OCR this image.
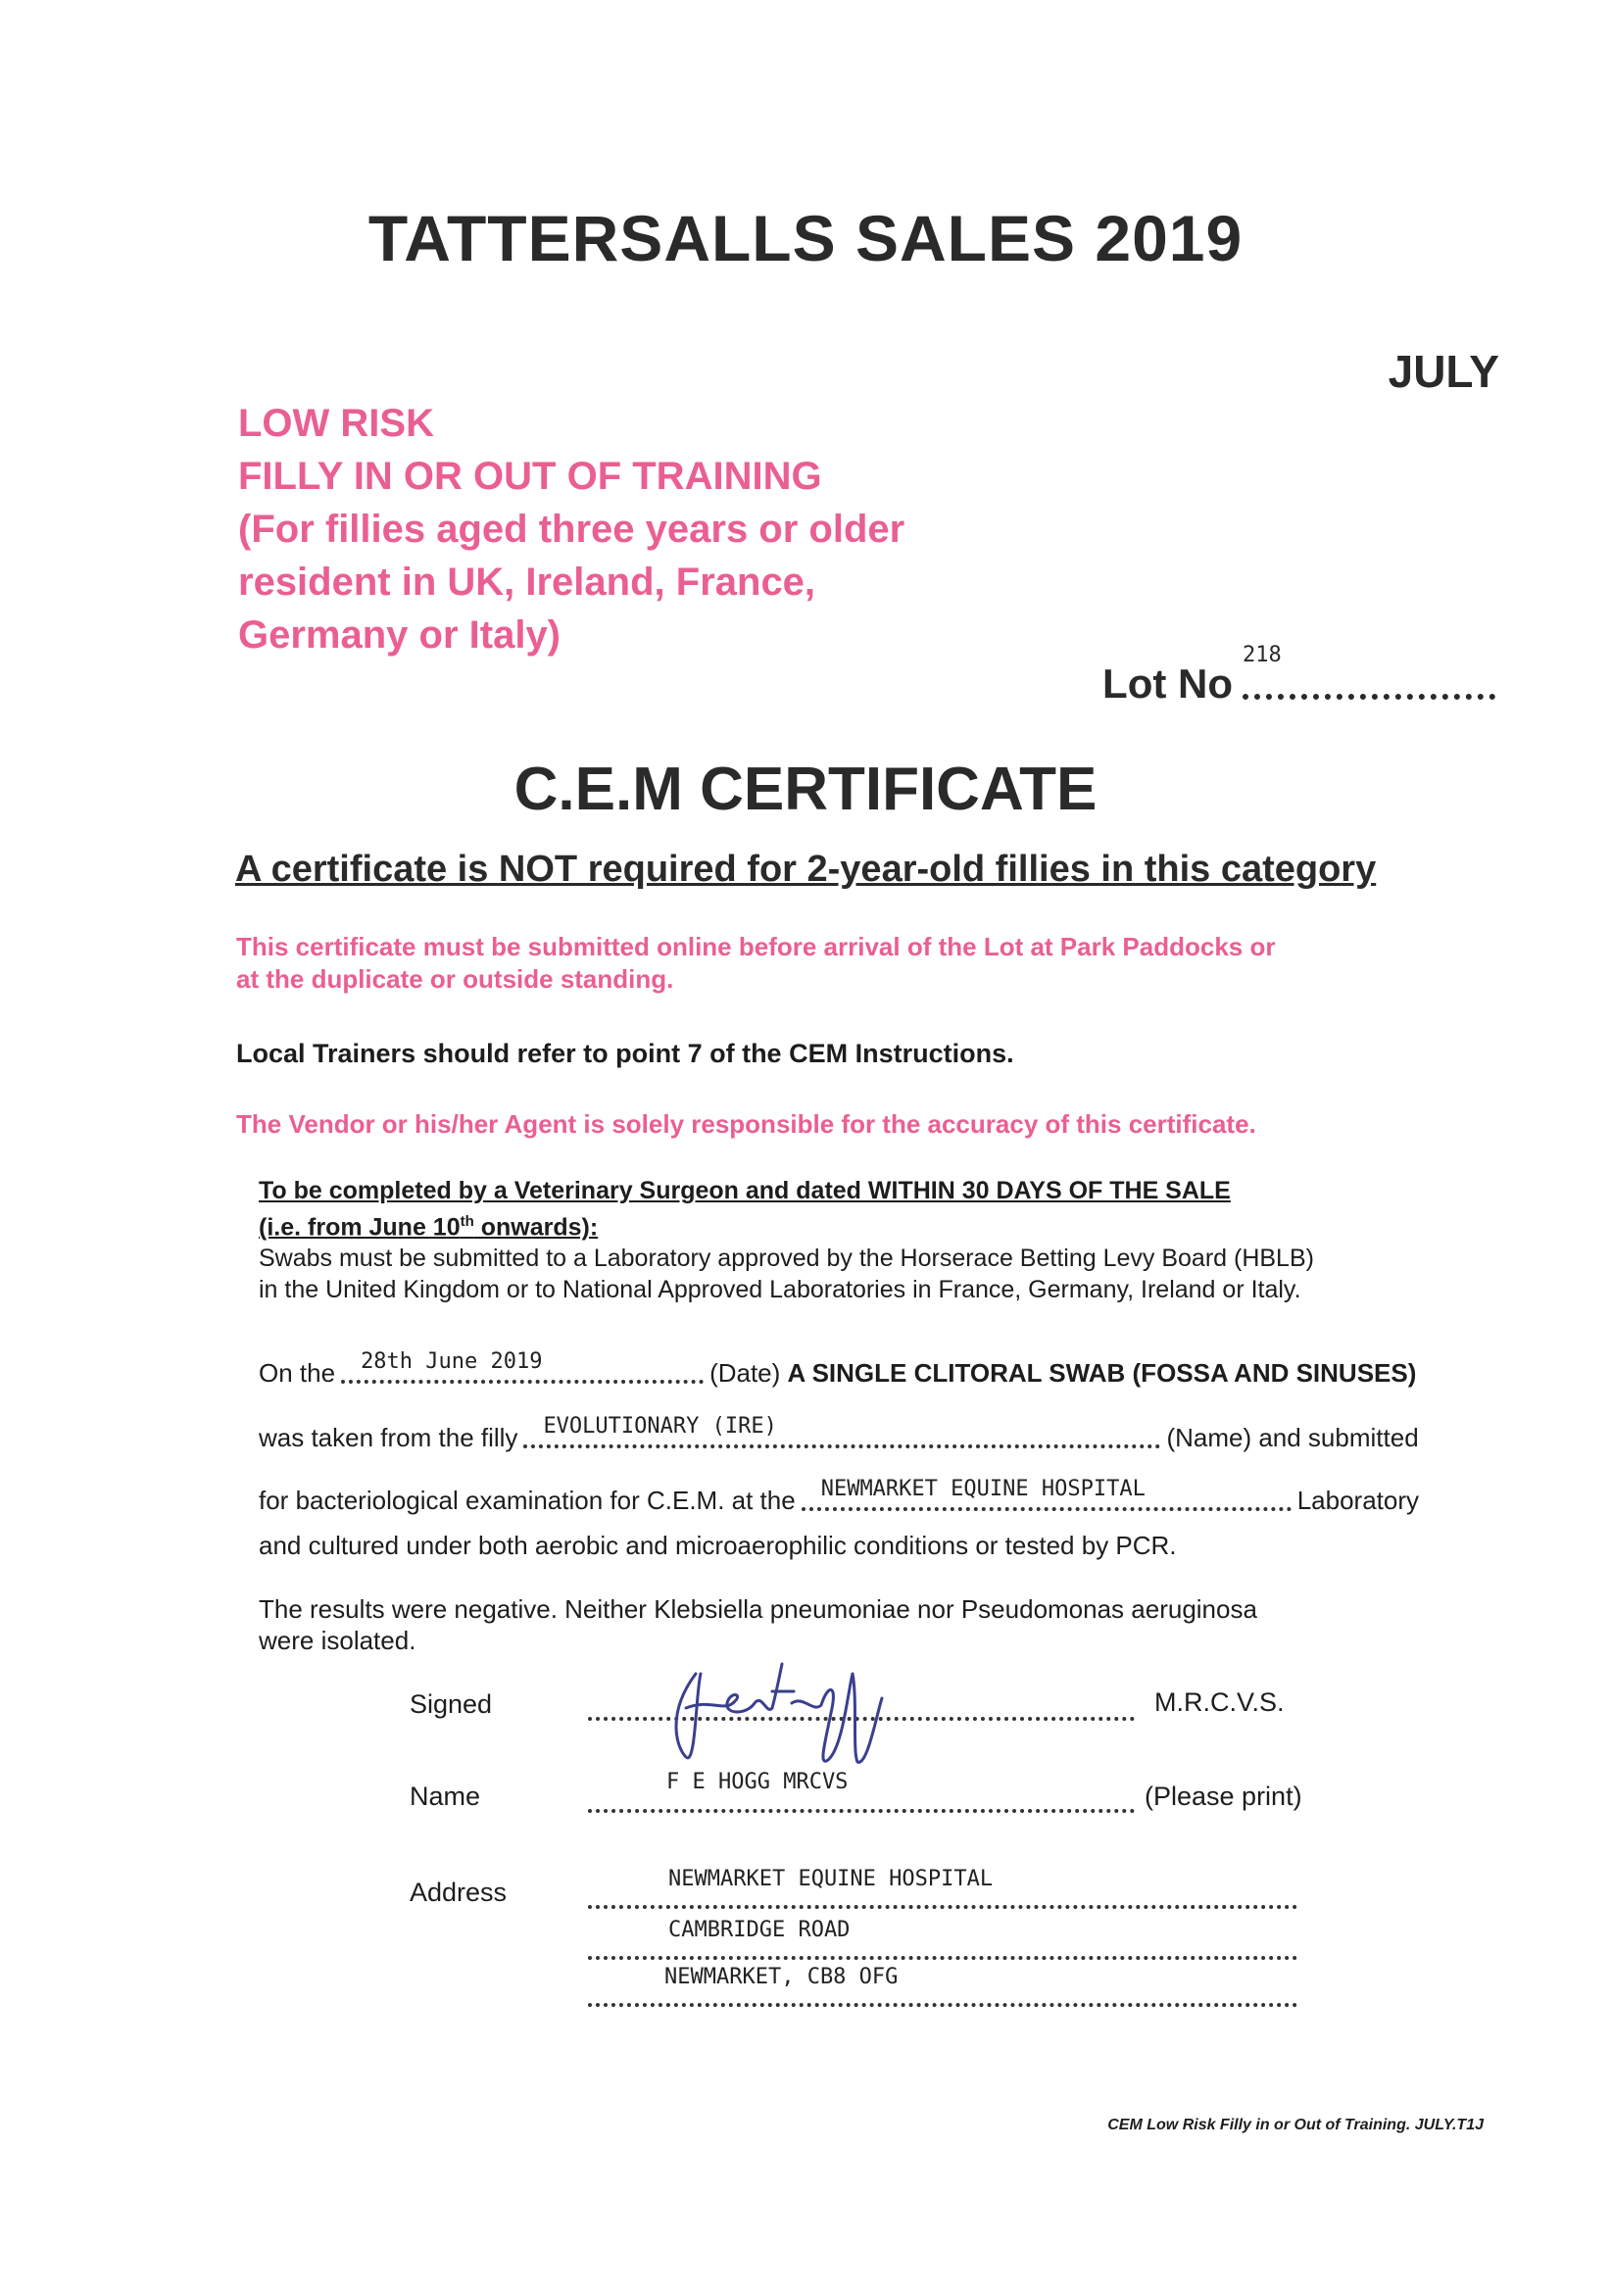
TATTERSALLS SALES 2019
JULY
LOW RISK
FILLY IN OR OUT OF TRAINING
(For fillies aged three years or older
resident in UK, Ireland, France,
Germany or Italy)
Lot No
218
C.E.M CERTIFICATE
A certificate is NOT required for 2-year-old fillies in this category
This certificate must be submitted online before arrival of the Lot at Park Paddocks or
at the duplicate or outside standing.
Local Trainers should refer to point 7 of the CEM Instructions.
The Vendor or his/her Agent is solely responsible for the accuracy of this certificate.
To be completed by a Veterinary Surgeon and dated WITHIN 30 DAYS OF THE SALE
(i.e. from June 10th onwards):
Swabs must be submitted to a Laboratory approved by the Horserace Betting Levy Board (HBLB)
in the United Kingdom or to National Approved Laboratories in France, Germany, Ireland or Italy.
On the 28th June 2019	(Date)
A SINGLE CLITORAL SWAB (FOSSA AND SINUSES)
was taken from the filly EVOLUTIONARY (IRE)	(Name) and submitted
for bacteriological examination for C.E.M. at the NEWMARKET EQUINE HOSPITAL	Laboratory
and cultured under both aerobic and microaerophilic conditions or tested by PCR.
The results were negative. Neither Klebsiella pneumoniae nor Pseudomonas aeruginosa
were isolated.
Signed	M.R.C.V.S.
Name	F E HOGG MRCVS	(Please print)
Address	NEWMARKET EQUINE HOSPITAL
CAMBRIDGE ROAD
NEWMARKET, CB8 OFG
CEM Low Risk Filly in or Out of Training. JULY.T1J
